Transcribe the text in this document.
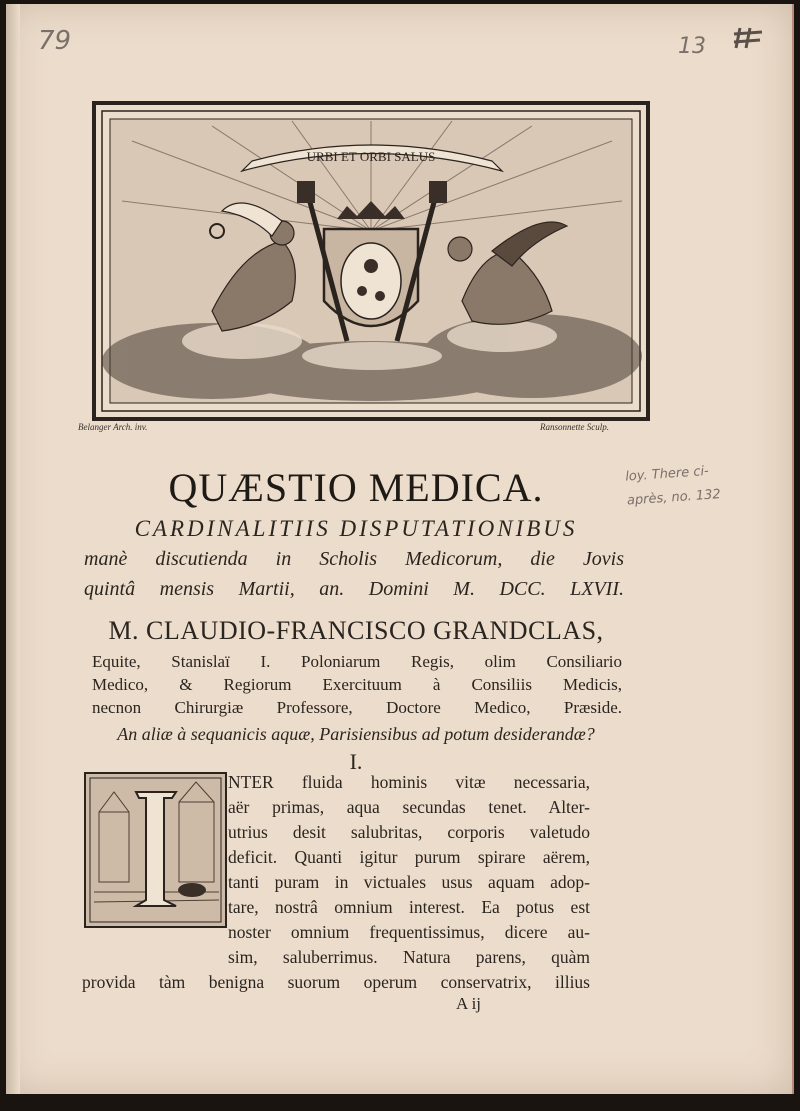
79	13
loy. There ci-
après, no. 132
URBI ET ORBI SALUS
Belanger Arch. inv.	Ransonnette Sculp.
QUÆSTIO MEDICA.
CARDINALITIIS DISPUTATIONIBUS
manè discutienda in Scholis Medicorum, die Jovis
quintâ mensis Martii, an. Domini M. DCC. LXVII.
M. CLAUDIO-FRANCISCO GRANDCLAS,
Equite, Stanislaï I. Poloniarum Regis, olim Consiliario
Medico, & Regiorum Exercituum à Consiliis Medicis,
necnon Chirurgiæ Professore, Doctore Medico, Præside.
An aliæ à sequanicis aquæ, Parisiensibus ad potum desiderandæ?
I.
NTER fluida hominis vitæ necessaria,
aër primas, aqua secundas tenet. Alter-
utrius desit salubritas, corporis valetudo
deficit. Quanti igitur purum spirare aërem,
tanti puram in victuales usus aquam adop-
tare, nostrâ omnium interest. Ea potus est
noster omnium frequentissimus, dicere au-
sim, saluberrimus. Natura parens, quàm
provida tàm benigna suorum operum conservatrix, illius
A ij
